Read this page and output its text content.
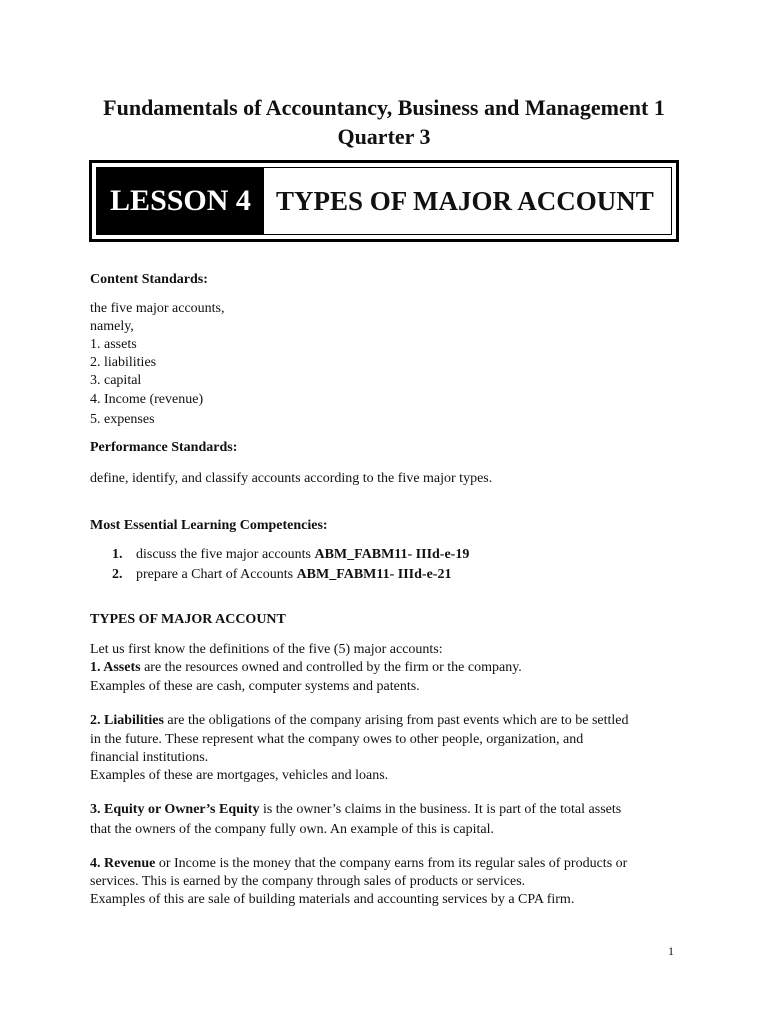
Fundamentals of Accountancy, Business and Management 1
Quarter 3
LESSON 4 TYPES OF MAJOR ACCOUNT
Content Standards:
the five major accounts,
namely,
1. assets
2. liabilities
3. capital
4. Income (revenue)
5. expenses
Performance Standards:
define, identify, and classify accounts according to the five major types.
Most Essential Learning Competencies:
1. discuss the five major accounts ABM_FABM11- IIId-e-19
2. prepare a Chart of Accounts ABM_FABM11- IIId-e-21
TYPES OF MAJOR ACCOUNT
Let us first know the definitions of the five (5) major accounts:
1. Assets are the resources owned and controlled by the firm or the company.
Examples of these are cash, computer systems and patents.
2. Liabilities are the obligations of the company arising from past events which are to be settled
in the future. These represent what the company owes to other people, organization, and
financial institutions.
Examples of these are mortgages, vehicles and loans.
3. Equity or Owner’s Equity is the owner’s claims in the business. It is part of the total assets
that the owners of the company fully own. An example of this is capital.
4. Revenue or Income is the money that the company earns from its regular sales of products or
services. This is earned by the company through sales of products or services.
Examples of this are sale of building materials and accounting services by a CPA firm.
1
